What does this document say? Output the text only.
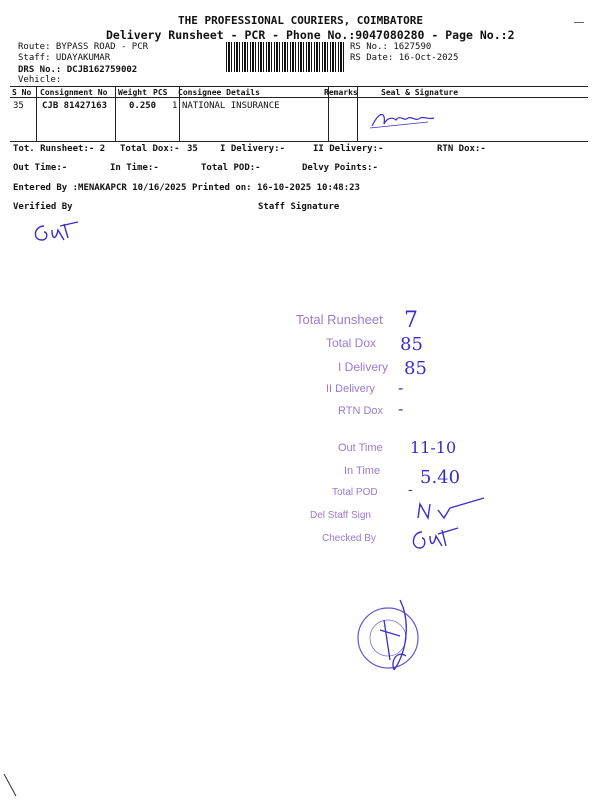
THE PROFESSIONAL COURIERS, COIMBATORE
Delivery Runsheet - PCR - Phone No.:9047080280 - Page No.:2
Route: BYPASS ROAD - PCR
Staff: UDAYAKUMAR
DRS No.: DCJB162759002
Vehicle:
RS No.: 1627590
RS Date: 16-Oct-2025
S No Consignment No Weight PCS Consignee Details	Remarks	Seal & Signature
35 CJB 81427163 0.250 1 NATIONAL INSURANCE
Tot. Runsheet:- 2 Total Dox:- 35 I Delivery:-	II Delivery:-	RTN Dox:-
Out Time:-	In Time:-	Total POD:-	Delvy Points:-
Entered By :MENAKAPCR 10/16/2025 Printed on: 16-10-2025 10:48:23
Verified By	Staff Signature
Total Runsheet 7
Total Dox 85
I Delivery 85
II Delivery -
RTN Dox -
Out Time 11-10
In Time 5.40
Total POD -
Del Staff Sign
Checked By
